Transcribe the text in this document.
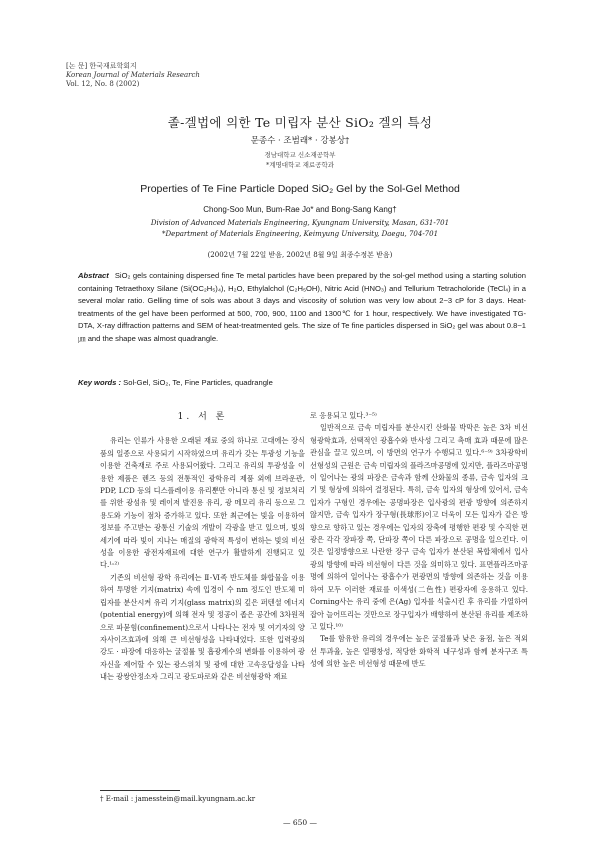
[논 문] 한국재료학회지
Korean Journal of Materials Research
Vol. 12, No. 8 (2002)
졸-겔법에 의한 Te 미립자 분산 SiO₂ 겔의 특성
문종수 · 조범래* · 강봉상†
경남대학교 신소재공학부
*계명대학교 재료공학과
Properties of Te Fine Particle Doped SiO₂ Gel by the Sol-Gel Method
Chong-Soo Mun, Bum-Rae Jo* and Bong-Sang Kang†
Division of Advanced Materials Engineering, Kyungnam University, Masan, 631-701
*Department of Materials Engineering, Keimyung University, Daegu, 704-701
(2002년 7월 22일 받음, 2002년 8월 9일 최종수정본 받음)
Abstract SiO₂ gels containing dispersed fine Te metal particles have been prepared by the sol-gel method using a starting solution containing Tetraethoxy Silane (Si(OC₂H₅)₄), H₂O, Ethylalchol (C₂H₅OH), Nitric Acid (HNO₃) and Tellurium Tetracholoride (TeCl₄) in a several molar ratio. Gelling time of sols was about 3 days and viscosity of solution was very low about 2~3 cP for 3 days. Heat-treatments of the gel have been performed at 500, 700, 900, 1100 and 1300℃ for 1 hour, respectively. We have investigated TG-DTA, X-ray diffraction patterns and SEM of heat-treatmented gels. The size of Te fine particles dispersed in SiO₂ gel was about 0.8~1 ㎛ and the shape was almost quadrangle.
Key words : Sol-Gel, SiO₂, Te, Fine Particles, quadrangle
1. 서 론

유리는 인류가 사용한 오래된 재료 중의 하나로 고대에는 장식품의 일종으로 사용되기 시작하였으며 유리가 갖는 투광성 기능을 이용한 건축재로 주로 사용되어왔다. 그리고 유리의 투광성을 이용한 제품은 렌즈 등의 전통적인 광학유리 제품 외에 브라운관, PDP, LCD 등의 디스플레이용 유리뿐만 아니라 통신 및 정보처리를 위한 광섬유 및 레이저 발진용 유리, 광 메모리 유리 등으로 그 용도와 기능이 점차 증가하고 있다. 또한 최근에는 빛을 이용하여 정보를 주고받는 광통신 기술의 개발이 각광을 받고 있으며, 빛의 세기에 따라 빛이 지나는 매질의 광학적 특성이 변하는 빛의 비선성을 이용한 광전자재료에 대한 연구가 활발하게 진행되고 있다.¹˒²⁾

기존의 비선형 광학 유리에는 Ⅱ-Ⅵ족 반도체를 화합물을 이용하여 투명한 기지(matrix) 속에 입경이 수 nm 정도인 반도체 미립자를 분산시켜 유리 기지(glass matrix)의 깊은 퍼텐셜 에너지(potential energy)에 의해 전자 및 정공이 좁은 공간에 3차원적으로 파묻힘(confinement)으로서 나타나는 전자 및 여기자의 양자사이즈효과에 의해 큰 비선형성을 나타내었다. 또한 입력광의 강도 · 파장에 대응하는 굴절률 및 흡광계수의 변화를 이용하여 광 자신을 제어할 수 있는 광스위치 및 광에 대한 고속응답성을 나타내는 광쌍안정소자 그리고 광도파로와 같은 비선형광학 재료

로 응용되고 있다.³⁻⁵⁾

일반적으로 금속 미립자를 분산시킨 산화물 박막은 높은 3차 비선형광학효과, 선택적인 광흡수와 반사성 그리고 촉매 효과 때문에 많은 관심을 끌고 있으며, 이 방면의 연구가 수행되고 있다.⁶⁻⁹⁾ 3차광학비선형성의 근원은 금속 미립자의 플라즈마공명에 있지만, 플라즈마공명이 일어나는 광의 파장은 금속과 함께 산화물의 종류, 금속 입자의 크기 및 형상에 의하여 결정된다. 특히, 금속 입자의 형상에 있어서, 금속 입자가 구형인 경우에는 공명파장은 입사광의 편광 방향에 의존하지 않지만, 금속 입자가 장구형(長球形)이고 더욱이 모든 입자가 같은 방향으로 향하고 있는 경우에는 입자의 장축에 평행한 편광 및 수직한 편광은 각각 장파장 쪽, 단파장 쪽이 다른 파장으로 공명을 일으킨다. 이것은 일정방향으로 나란한 장구 금속 입자가 분산된 복합체에서 입사광의 방향에 따라 비선형이 다른 것을 의미하고 있다. 표면플라즈마공명에 의하여 일어나는 광흡수가 편광면의 방향에 의존하는 것을 이용하여 모두 이러한 재료를 이색성(二色性) 편광자에 응용하고 있다. Corning사는 유리 중에 은(Ag) 입자를 석출시킨 후 유리를 가열하여 잡아 늘어뜨리는 것만으로 장구입자가 배향하여 분산된 유리를 제조하고 있다.¹⁰⁾

Te를 함유한 유리의 경우에는 높은 굴절률과 낮은 융점, 높은 적외선 투과율, 높은 열팽창성, 적당한 화학적 내구성과 함께 분자구조 특성에 의한 높은 비선형성 때문에 반도

† E-mail : jamesstein@mail.kyungnam.ac.kr
— 650 —
